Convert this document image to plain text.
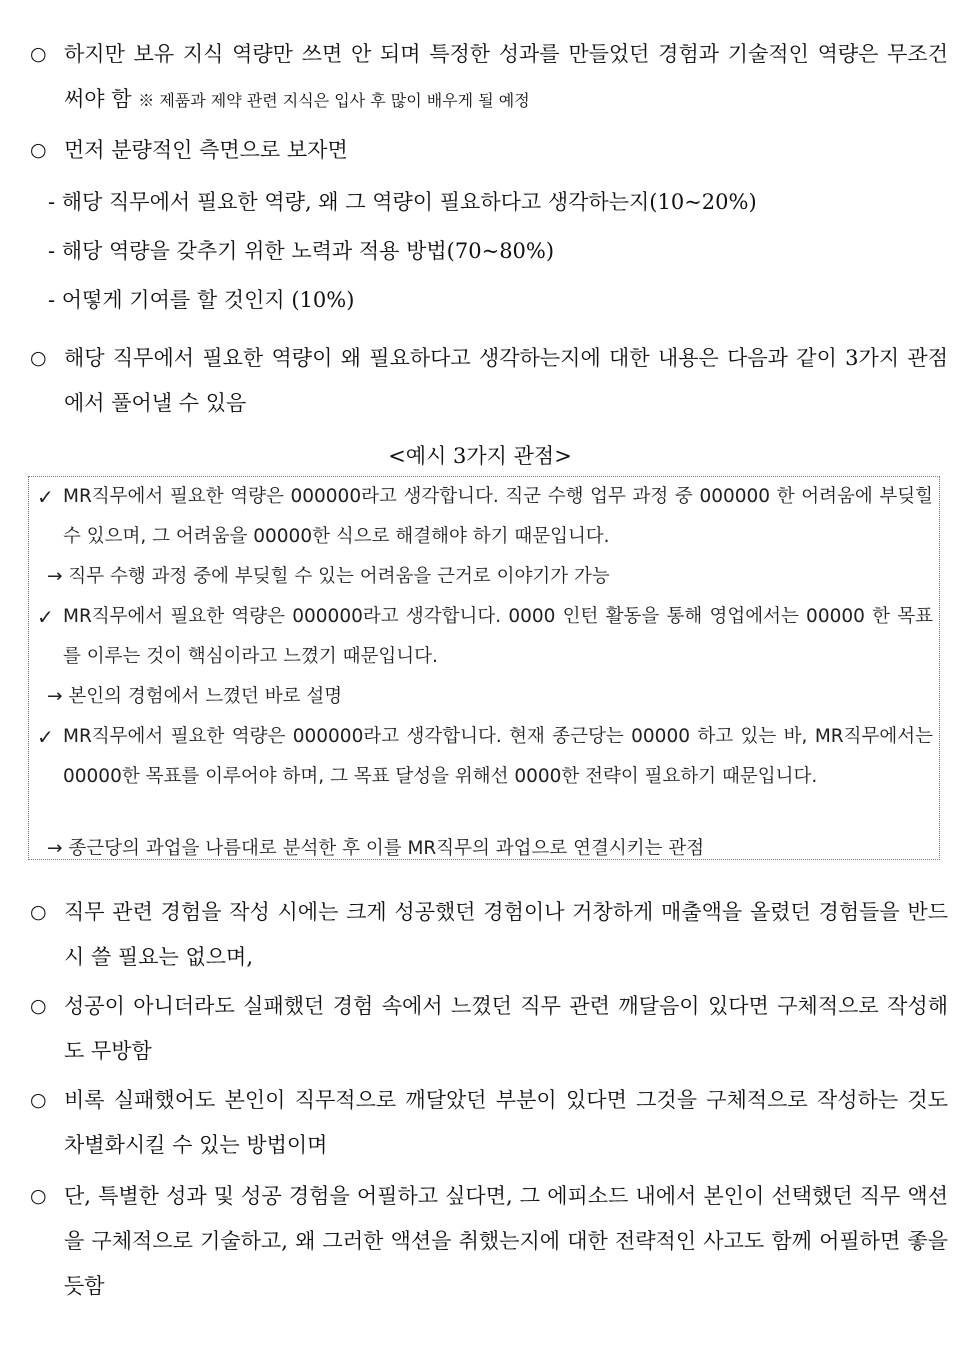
○ 하지만 보유 지식 역량만 쓰면 안 되며 특정한 성과를 만들었던 경험과 기술적인 역량은 무조건 써야 함 ※ 제품과 제약 관련 지식은 입사 후 많이 배우게 될 예정
○ 먼저 분량적인 측면으로 보자면
- 해당 직무에서 필요한 역량, 왜 그 역량이 필요하다고 생각하는지(10~20%)
- 해당 역량을 갖추기 위한 노력과 적용 방법(70~80%)
- 어떻게 기여를 할 것인지 (10%)
○ 해당 직무에서 필요한 역량이 왜 필요하다고 생각하는지에 대한 내용은 다음과 같이 3가지 관점에서 풀어낼 수 있음
<예시 3가지 관점>
✓ MR직무에서 필요한 역량은 000000라고 생각합니다. 직군 수행 업무 과정 중 000000 한 어려움에 부딪힐 수 있으며, 그 어려움을 00000한 식으로 해결해야 하기 때문입니다.
→ 직무 수행 과정 중에 부딪힐 수 있는 어려움을 근거로 이야기가 가능
✓ MR직무에서 필요한 역량은 000000라고 생각합니다. 0000 인턴 활동을 통해 영업에서는 00000 한 목표를 이루는 것이 핵심이라고 느꼈기 때문입니다.
→ 본인의 경험에서 느꼈던 바로 설명
✓ MR직무에서 필요한 역량은 000000라고 생각합니다. 현재 종근당는 00000 하고 있는 바, MR직무에서는 00000한 목표를 이루어야 하며, 그 목표 달성을 위해선 0000한 전략이 필요하기 때문입니다.
→ 종근당의 과업을 나름대로 분석한 후 이를 MR직무의 과업으로 연결시키는 관점
○ 직무 관련 경험을 작성 시에는 크게 성공했던 경험이나 거창하게 매출액을 올렸던 경험들을 반드시 쓸 필요는 없으며,
○ 성공이 아니더라도 실패했던 경험 속에서 느꼈던 직무 관련 깨달음이 있다면 구체적으로 작성해도 무방함
○ 비록 실패했어도 본인이 직무적으로 깨달았던 부분이 있다면 그것을 구체적으로 작성하는 것도 차별화시킬 수 있는 방법이며
○ 단, 특별한 성과 및 성공 경험을 어필하고 싶다면, 그 에피소드 내에서 본인이 선택했던 직무 액션을 구체적으로 기술하고, 왜 그러한 액션을 취했는지에 대한 전략적인 사고도 함께 어필하면 좋을 듯함
